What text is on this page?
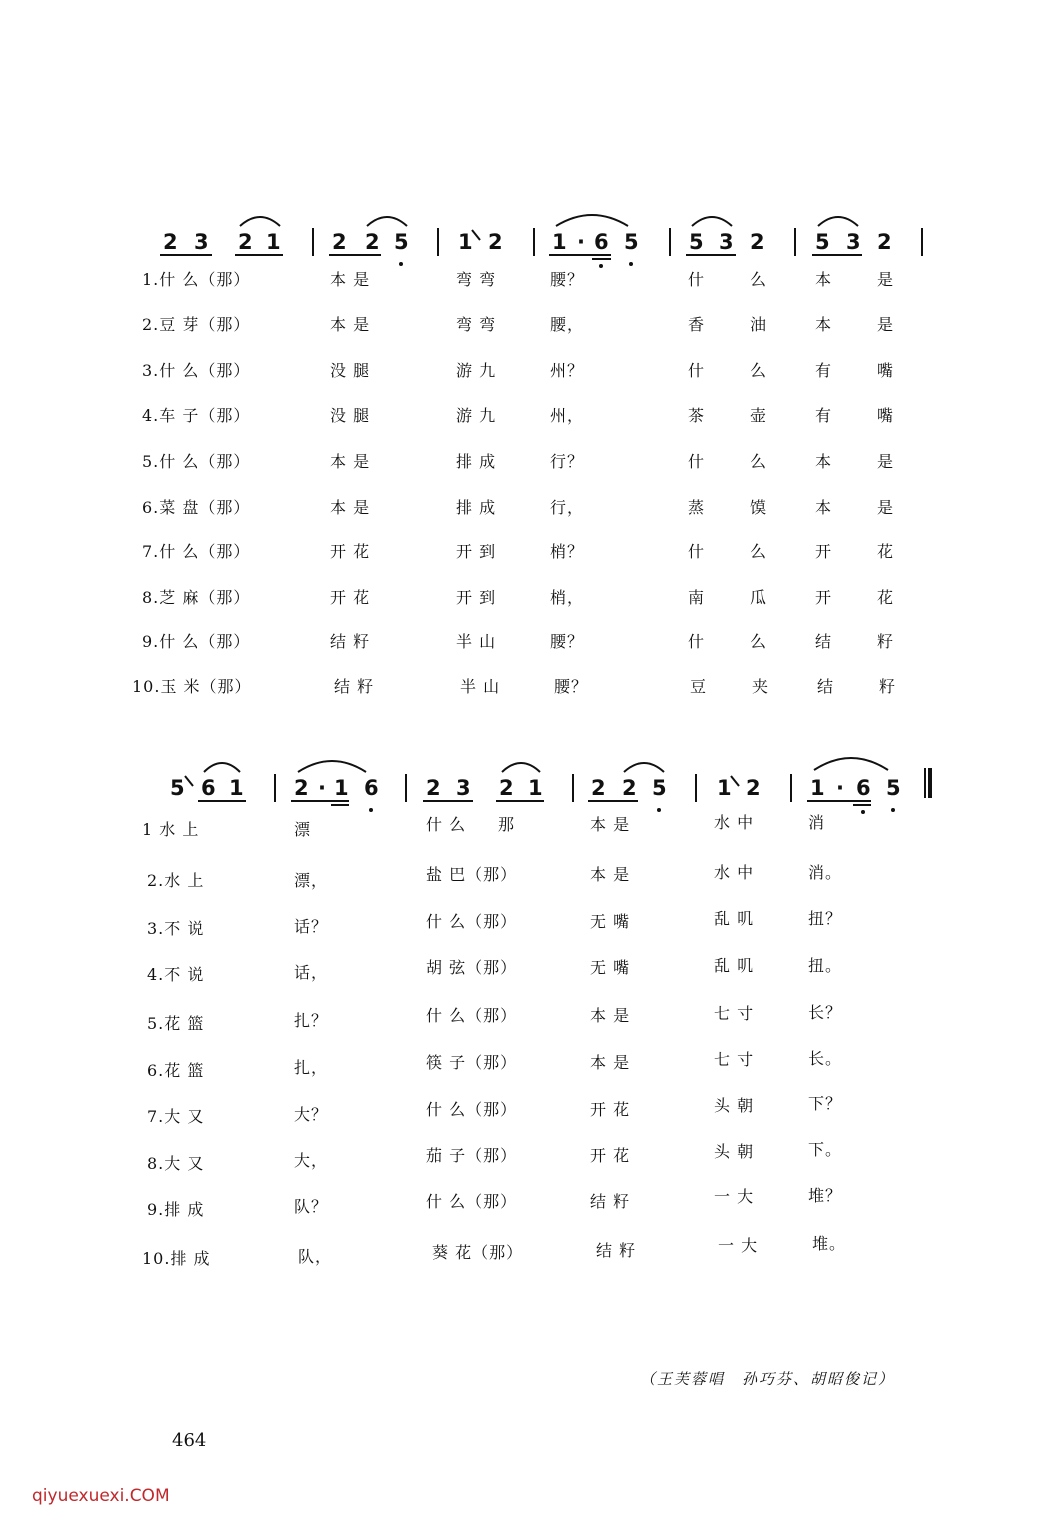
2 3 2 1 2 2 5 1 2 1 · 6 5 5 3 2 5 3 2
1.什 么（那）	本 是	弯 弯	腰？	什	么	本	是
2.豆 芽（那）	本 是	弯 弯	腰，	香	油	本	是
3.什 么（那）	没 腿	游 九	州？	什	么	有	嘴
4.车 子（那）	没 腿	游 九	州，	茶	壶	有	嘴
5.什 么（那）	本 是	排 成	行？	什	么	本	是
6.菜 盘（那）	本 是	排 成	行，	蒸	馍	本	是
7.什 么（那）	开 花	开 到	梢？	什	么	开	花
8.芝 麻（那）	开 花	开 到	梢，	南	瓜	开	花
9.什 么（那）	结 籽	半 山	腰？	什	么	结	籽
10.玉 米（那）	结 籽	半 山	腰？	豆	夹	结	籽
5 6 1 2 · 1 6 2 3 2 1 2 2 5 1 2 1 · 6 5
1 水 上	漂	什 么 那	本 是	水 中	消
2.水 上	漂，	盐 巴（那）	本 是	水 中	消。
3.不 说	话？	什 么（那）	无 嘴	乱 叽	扭？
4.不 说	话，	胡 弦（那）	无 嘴	乱 叽	扭。
5.花 篮	扎？	什 么（那）	本 是	七 寸	长？
6.花 篮	扎，	筷 子（那）	本 是	七 寸	长。
7.大 又	大？	什 么（那）	开 花	头 朝	下？
8.大 又	大，	茄 子（那）	开 花	头 朝	下。
9.排 成	队？	什 么（那）	结 籽	一 大	堆？
10.排 成	队，	葵 花（那）	结 籽	一 大	堆。
（王芙蓉唱　孙巧芬、胡昭俊记）
464
qiyuexuexi.COM
